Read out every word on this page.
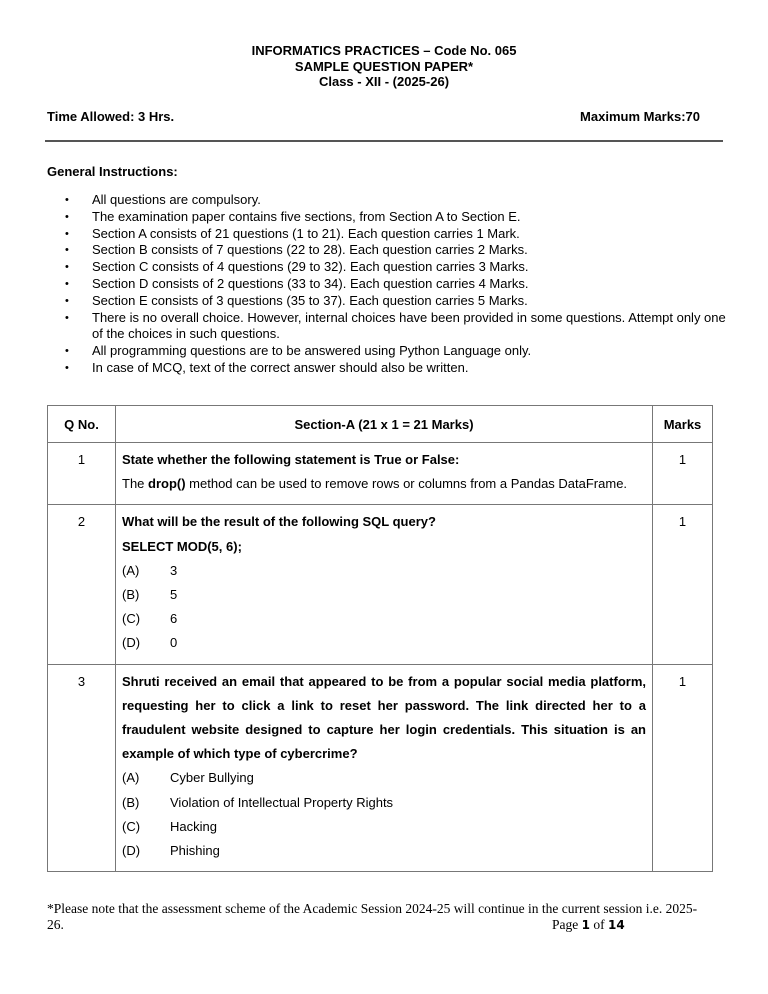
INFORMATICS PRACTICES – Code No. 065
SAMPLE QUESTION PAPER*
Class - XII - (2025-26)
Time Allowed: 3 Hrs.	Maximum Marks:70
General Instructions:
• All questions are compulsory.
• The examination paper contains five sections, from Section A to Section E.
• Section A consists of 21 questions (1 to 21). Each question carries 1 Mark.
• Section B consists of 7 questions (22 to 28). Each question carries 2 Marks.
• Section C consists of 4 questions (29 to 32). Each question carries 3 Marks.
• Section D consists of 2 questions (33 to 34). Each question carries 4 Marks.
• Section E consists of 3 questions (35 to 37). Each question carries 5 Marks.
• There is no overall choice. However, internal choices have been provided in some questions. Attempt only one of the choices in such questions.
• All programming questions are to be answered using Python Language only.
• In case of MCQ, text of the correct answer should also be written.
Q No.	Section-A (21 x 1 = 21 Marks)	Marks
1	State whether the following statement is True or False:
The drop() method can be used to remove rows or columns from a Pandas DataFrame.	1
2	What will be the result of the following SQL query?
SELECT MOD(5, 6);
(A)	3
(B)	5
(C)	6
(D)	0
	1
3	Shruti received an email that appeared to be from a popular social media platform, requesting her to click a link to reset her password. The link directed her to a fraudulent website designed to capture her login credentials. This situation is an example of which type of cybercrime?
(A)	Cyber Bullying
(B)	Violation of Intellectual Property Rights
(C)	Hacking
(D)	Phishing
	1
*Please note that the assessment scheme of the Academic Session 2024-25 will continue in the current session i.e. 2025-26.	Page 1 of 14
